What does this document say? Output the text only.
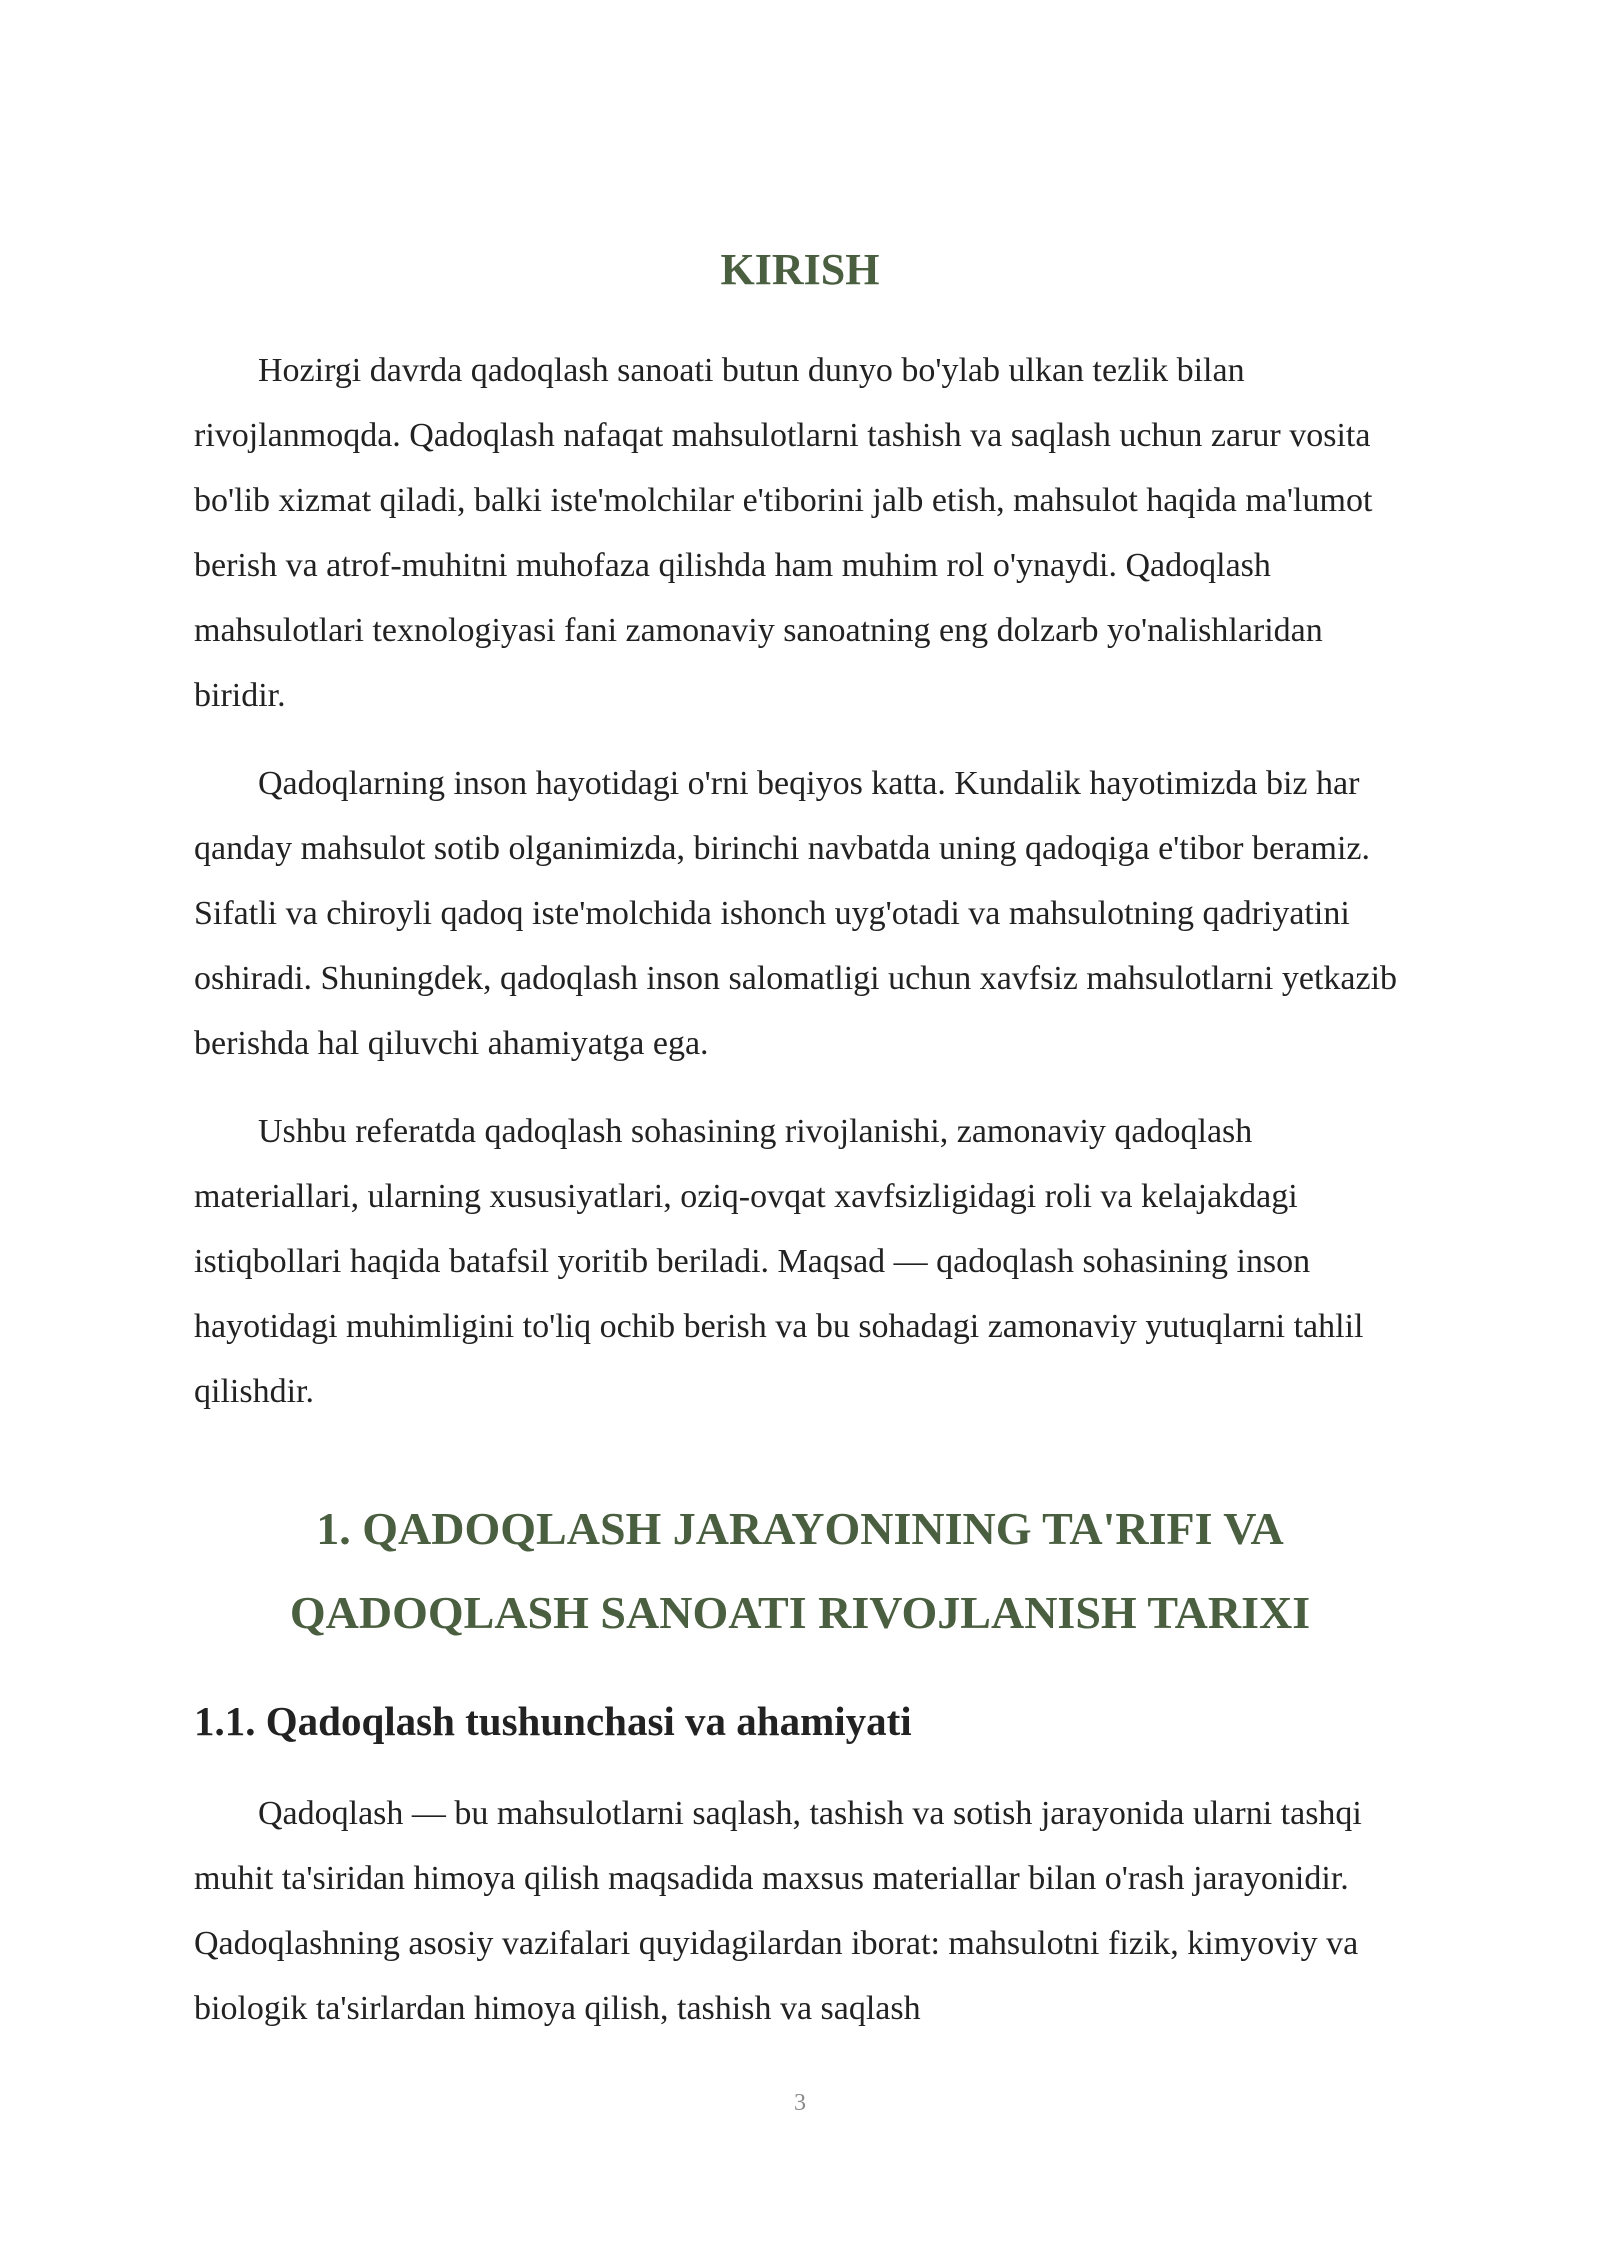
KIRISH

Hozirgi davrda qadoqlash sanoati butun dunyo bo'ylab ulkan tezlik bilan rivojlanmoqda. Qadoqlash nafaqat mahsulotlarni tashish va saqlash uchun zarur vosita bo'lib xizmat qiladi, balki iste'molchilar e'tiborini jalb etish, mahsulot haqida ma'lumot berish va atrof-muhitni muhofaza qilishda ham muhim rol o'ynaydi. Qadoqlash mahsulotlari texnologiyasi fani zamonaviy sanoatning eng dolzarb yo'nalishlaridan biridir.

Qadoqlarning inson hayotidagi o'rni beqiyos katta. Kundalik hayotimizda biz har qanday mahsulot sotib olganimizda, birinchi navbatda uning qadoqiga e'tibor beramiz. Sifatli va chiroyli qadoq iste'molchida ishonch uyg'otadi va mahsulotning qadriyatini oshiradi. Shuningdek, qadoqlash inson salomatligi uchun xavfsiz mahsulotlarni yetkazib berishda hal qiluvchi ahamiyatga ega.

Ushbu referatda qadoqlash sohasining rivojlanishi, zamonaviy qadoqlash materiallari, ularning xususiyatlari, oziq-ovqat xavfsizligidagi roli va kelajakdagi istiqbollari haqida batafsil yoritib beriladi. Maqsad — qadoqlash sohasining inson hayotidagi muhimligini to'liq ochib berish va bu sohadagi zamonaviy yutuqlarni tahlil qilishdir.

1. QADOQLASH JARAYONINING TA'RIFI VA
QADOQLASH SANOATI RIVOJLANISH TARIXI
1.1. Qadoqlash tushunchasi va ahamiyati

Qadoqlash — bu mahsulotlarni saqlash, tashish va sotish jarayonida ularni tashqi muhit ta'siridan himoya qilish maqsadida maxsus materiallar bilan o'rash jarayonidir. Qadoqlashning asosiy vazifalari quyidagilardan iborat: mahsulotni fizik, kimyoviy va biologik ta'sirlardan himoya qilish, tashish va saqlash

3
